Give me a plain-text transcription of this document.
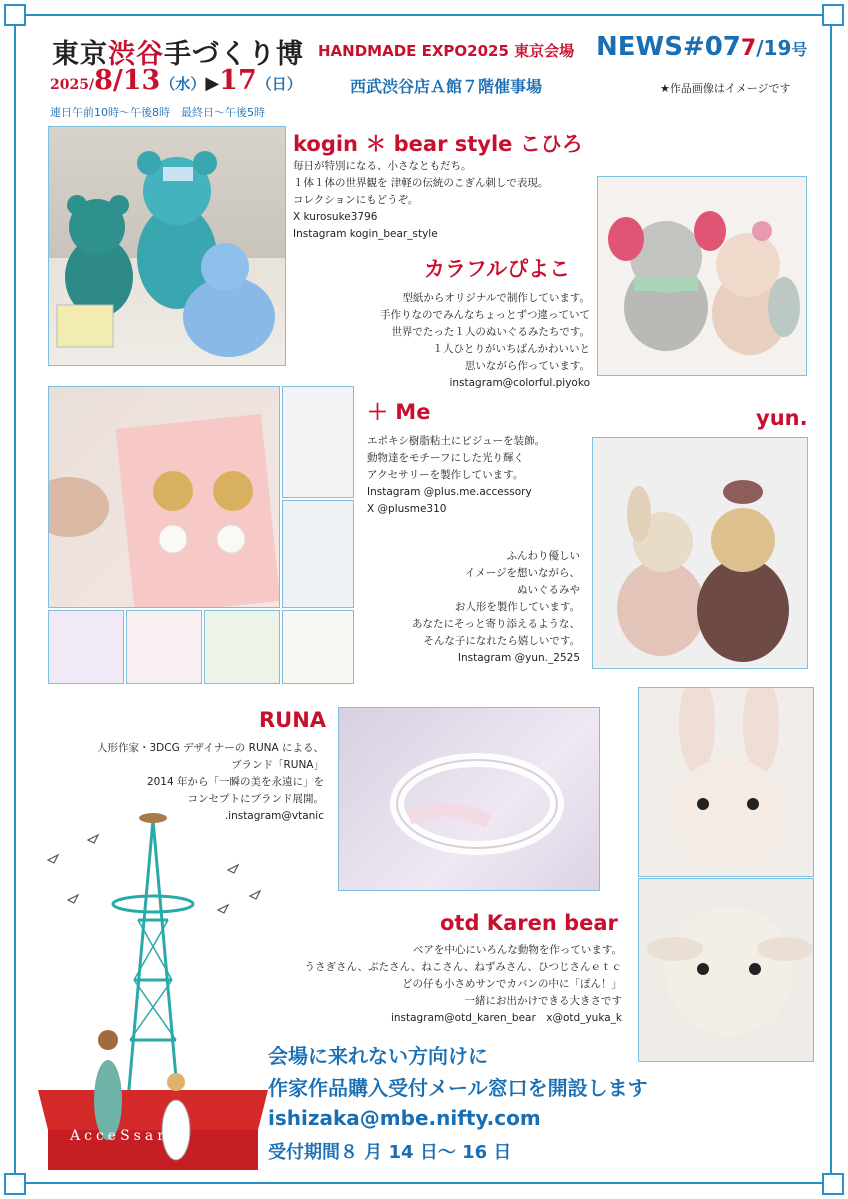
東京渋谷手づくり博 HANDMADE EXPO2025 東京会場 NEWS#077/19号
2025/8/13（水）▶17（日）	西武渋谷店Ａ館７階催事場	★作品画像はイメージです
連日午前10時〜午後8時　最終日〜午後5時
kogin ＊ bear style こひろ
毎日が特別になる、小さなともだち。
１体１体の世界観を 津軽の伝統のこぎん刺しで表現。
コレクションにもどうぞ。
X kurosuke3796
Instagram kogin_bear_style
カラフルぴよこ
型紙からオリジナルで制作しています。
手作りなのでみんなちょっとずつ違っていて
世界でたった１人のぬいぐるみたちです。
１人ひとりがいちばんかわいいと
思いながら作っています。
instagram@colorful.piyoko
＋ Me
エポキシ樹脂粘土にビジューを装飾。
動物達をモチーフにした光り輝く
アクセサリーを製作しています。
Instagram @plus.me.accessory
X @plusme310
yun.
ふんわり優しい
イメージを想いながら、
ぬいぐるみや
お人形を製作しています。
あなたにそっと寄り添えるような、
そんな子になれたら嬉しいです。
Instagram @yun._2525
RUNA
人形作家・3DCG デザイナーの RUNA による、
ブランド「RUNA」
2014 年から「一瞬の美を永遠に」を
コンセプトにブランド展開。
.instagram@vtanic
otd Karen bear
ベアを中心にいろんな動物を作っています。
うさぎさん、ぶたさん、ねこさん、ねずみさん、ひつじさんｅｔｃ
どの仔も小さめサンでカバンの中に「ぽん！」
一緒にお出かけできる大きさです
instagram@otd_karen_bear　x@otd_yuka_k
AcceSsary
会場に来れない方向けに
作家作品購入受付メール窓口を開設します
ishizaka@mbe.nifty.com
受付期間８ 月 14 日〜 16 日
